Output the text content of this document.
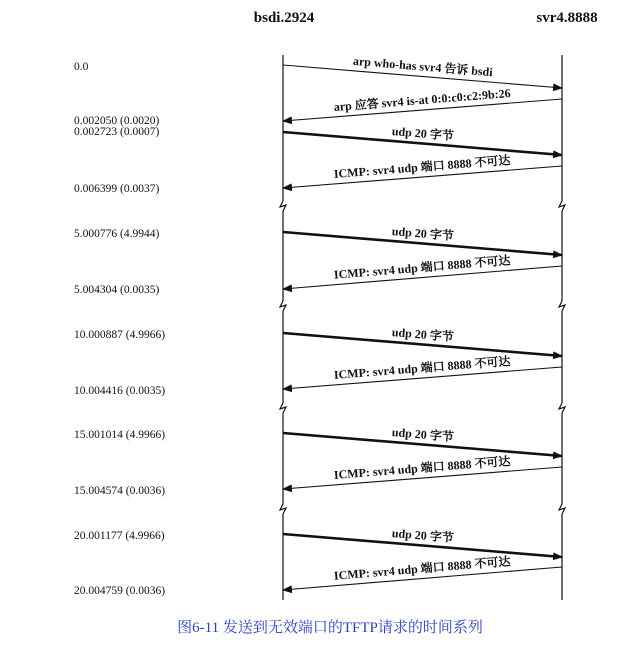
bsdi.2924	svr4.8888
0.0
0.002050 (0.0020)
0.002723 (0.0007)
0.006399 (0.0037)
5.000776 (4.9944)
5.004304 (0.0035)
10.000887 (4.9966)
10.004416 (0.0035)
15.001014 (4.9966)
15.004574 (0.0036)
20.001177 (4.9966)
20.004759 (0.0036)
arp who-has svr4 告诉 bsdi
arp 应答 svr4 is-at 0:0:c0:c2:9b:26
udp 20 字节
ICMP: svr4 udp 端口 8888 不可达
udp 20 字节
ICMP: svr4 udp 端口 8888 不可达
udp 20 字节
ICMP: svr4 udp 端口 8888 不可达
udp 20 字节
ICMP: svr4 udp 端口 8888 不可达
udp 20 字节
ICMP: svr4 udp 端口 8888 不可达
图6-11 发送到无效端口的TFTP请求的时间系列
